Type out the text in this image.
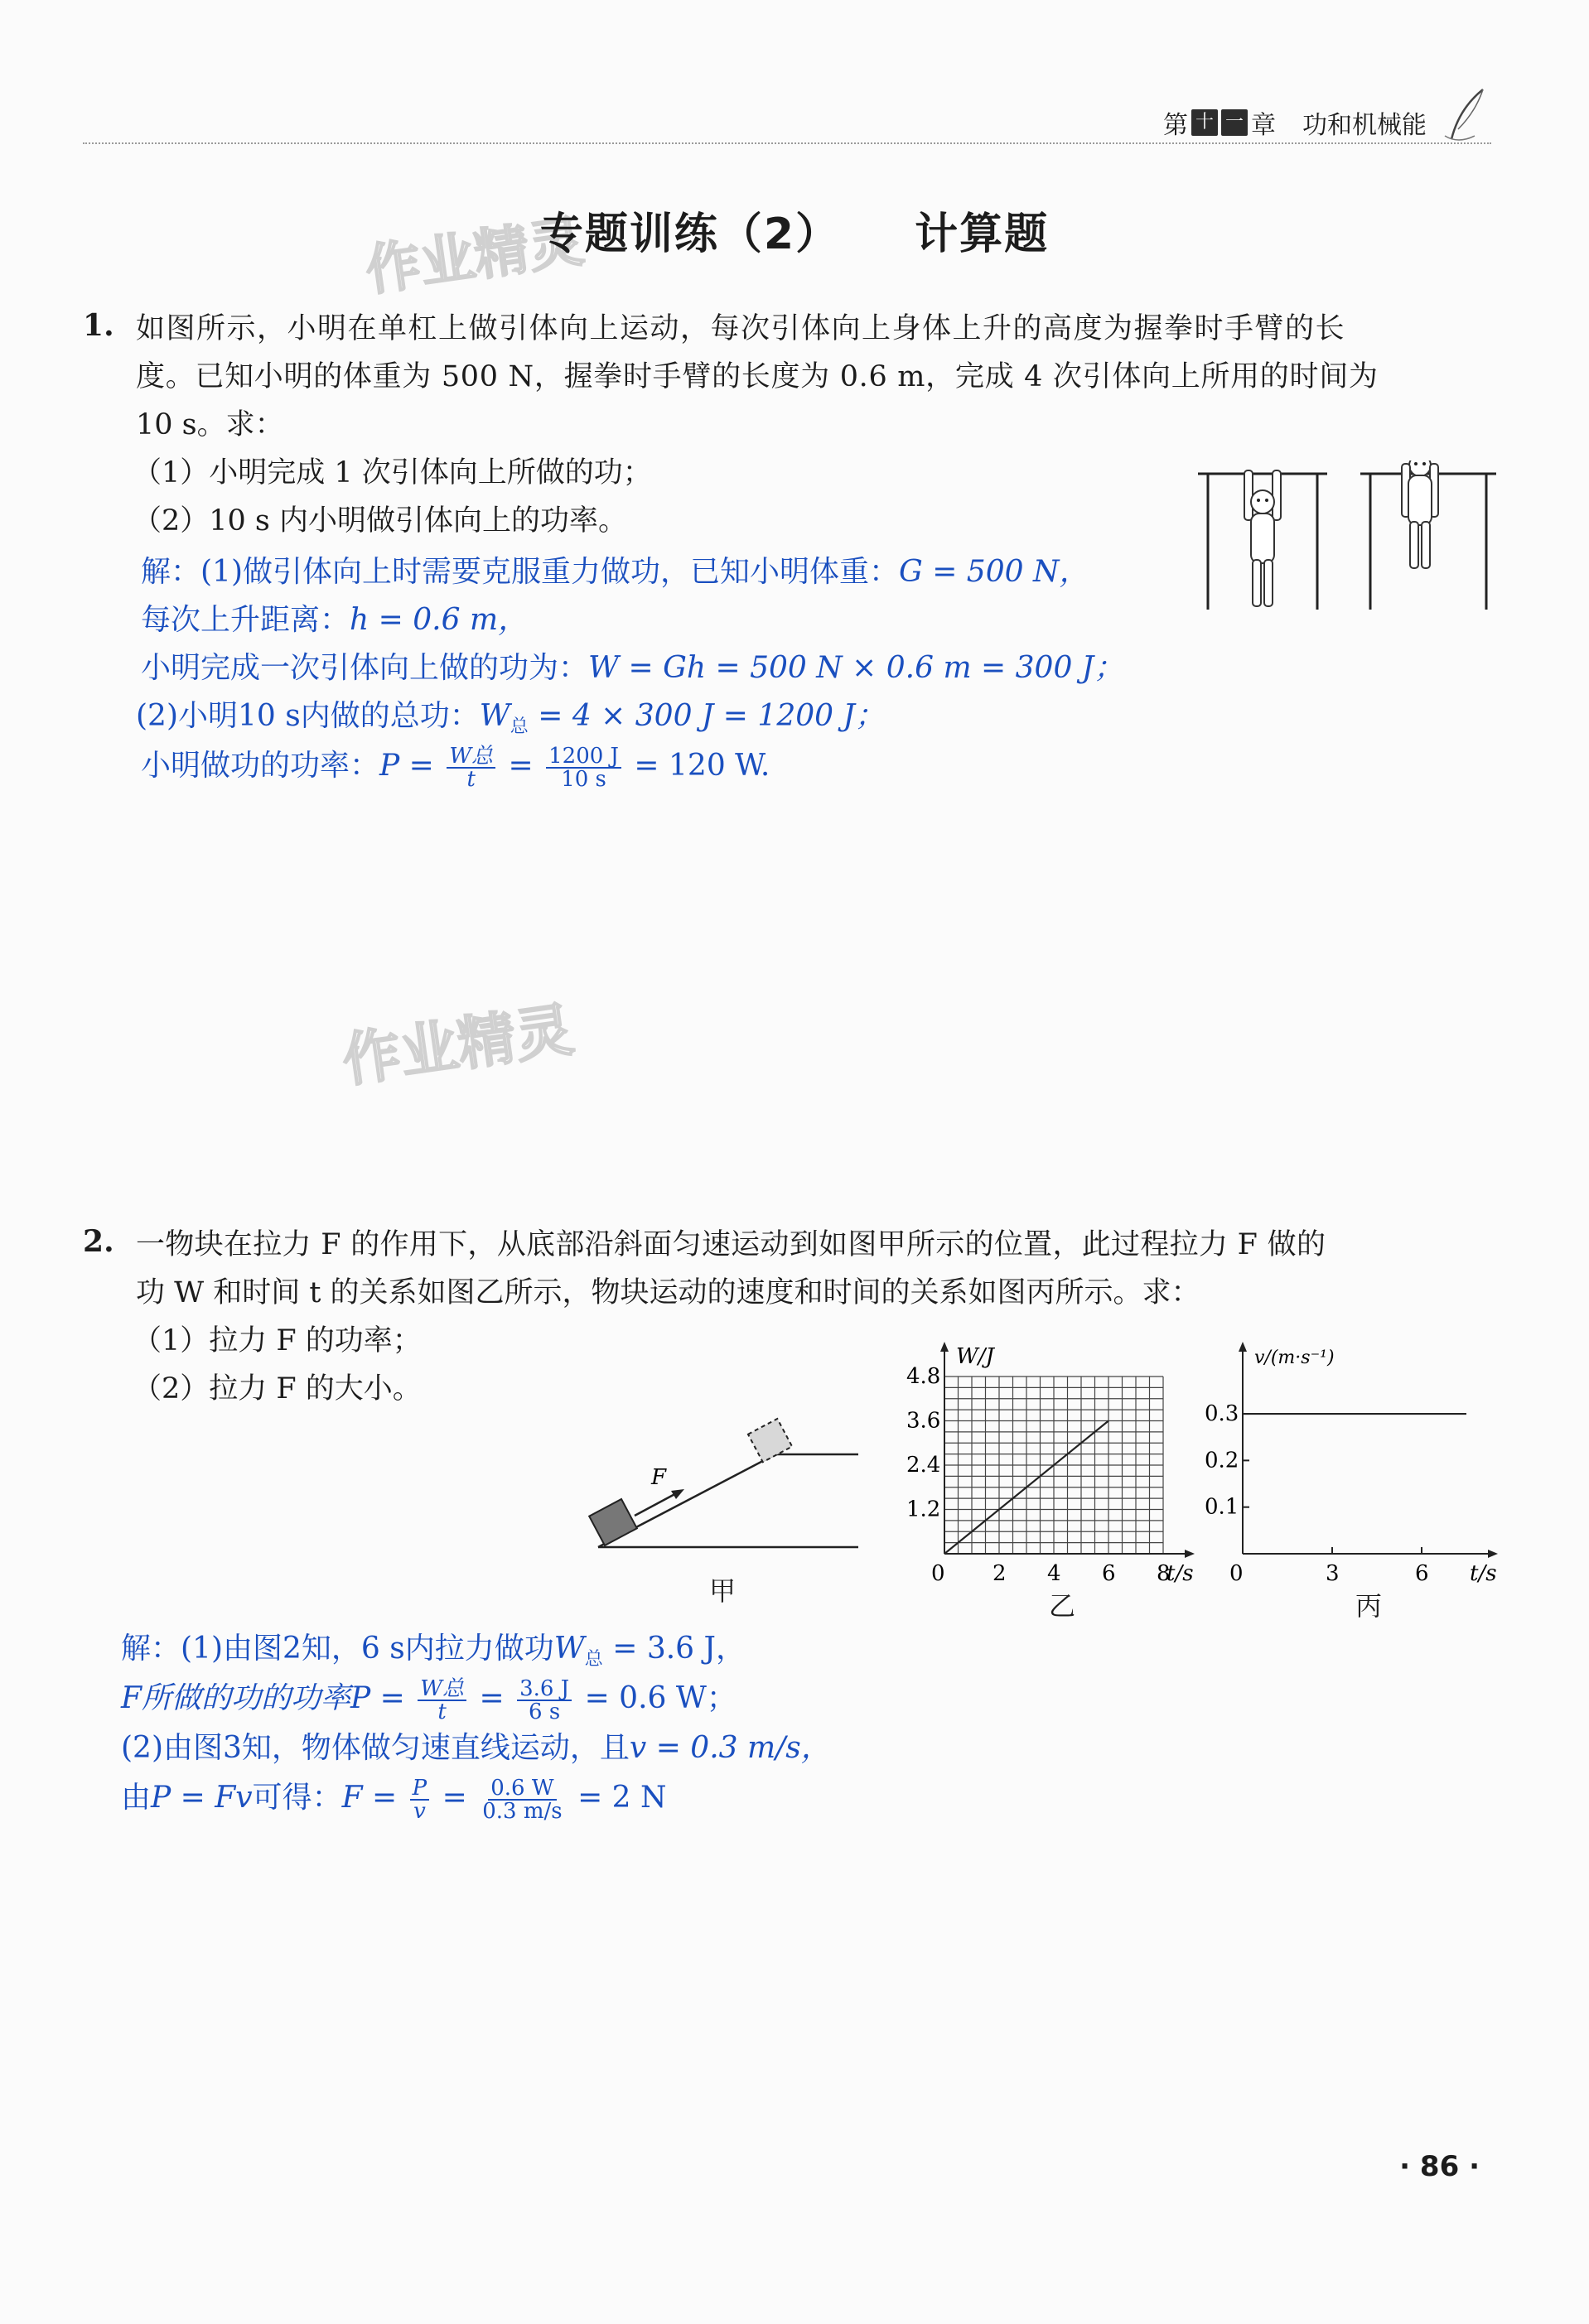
第 十 一 章 功和机械能
作业精灵
作业精灵
专题训练（2） 计算题
1. 如图所示，小明在单杠上做引体向上运动，每次引体向上身体上升的高度为握拳时手臂的长
度。已知小明的体重为 500 N，握拳时手臂的长度为 0.6 m，完成 4 次引体向上所用的时间为
10 s。求：
（1）小明完成 1 次引体向上所做的功；
（2）10 s 内小明做引体向上的功率。
解：(1)做引体向上时需要克服重力做功，已知小明体重：G = 500 N，
每次上升距离：h = 0.6 m，
小明完成一次引体向上做的功为：W = Gh = 500 N × 0.6 m = 300 J；
(2)小明10 s内做的总功：$W_总 = 4 \times 300$ J = 1200 J；
小明做功的功率：$P = \frac{\text{W总}}{t} = \frac{1200 J}{10 s} = 120$ W.
2. 一物块在拉力 F 的作用下，从底部沿斜面匀速运动到如图甲所示的位置，此过程拉力 F 做的
功 W 和时间 t 的关系如图乙所示，物块运动的速度和时间的关系如图丙所示。求：
（1）拉力 F 的功率；
（2）拉力 F 的大小。
F
甲
0 2 4 6 8
1.2
2.4
3.6
4.8
t/s
W/J
乙
0	3	6
0.1
0.2
0.3
t/s
v/(m·s⁻¹)
丙
解：(1)由图2知，6 s内拉力做功$W_总 = 3.6$ J，
F所做的功的功率$P = \frac{\text{W总}}{t} = \frac{3.6 J}{6 s} = 0.6$ W；
(2)由图3知，物体做匀速直线运动，且v = 0.3 m/s，
由P = Fv可得：$F = \frac{P}{v} = \frac{0.6 W}{0.3 m/s} = 2$ N
· 86 ·
